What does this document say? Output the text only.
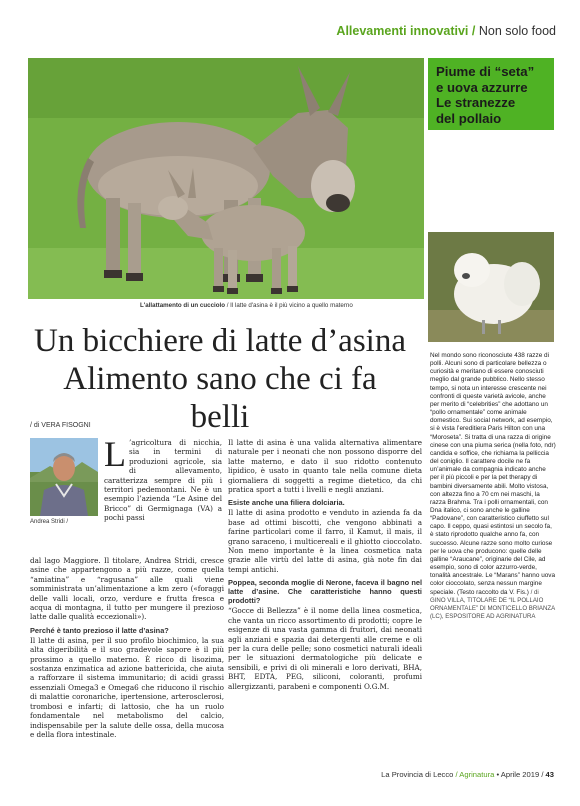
Allevamenti innovativi / Non solo food
L'allattamento di un cucciolo / Il latte d'asina è il più vicino a quello materno
Un bicchiere di latte d’asina
Alimento sano che ci fa belli
/ di VERA FISOGNI
Andrea Stridi /
L ’agricoltura di nicchia, sia in termini di produzioni agricole, sia di allevamento, caratterizza sempre di più i territori pedemontani. Ne è un esempio l’azienda “Le Asine del Bricco” di Germignaga (VA) a pochi passi

dal lago Maggiore. Il titolare, Andrea Stridi, cresce asine che appartengono a più razze, come quella “amiatina” e “ragusana” alle quali viene somministrata un’alimentazione a km zero («foraggi delle valli locali, orzo, verdure e frutta fresca e acqua di montagna, il tutto per mungere il prezioso latte dalle qualità eccezionali»).

Perché è tanto prezioso il latte d’asina?

Il latte di asina, per il suo profilo biochimico, la sua alta digeribilità e il suo gradevole sapore è il più prossimo a quello materno. È ricco di lisozima, sostanza enzimatica ad azione battericida, che aiuta a rafforzare il sistema immunitario; di acidi grassi essenziali Omega3 e Omega6 che riducono il rischio di malattie coronariche, ipertensione, arterosclerosi, trombosi e infarti; di lattosio, che ha un ruolo fondamentale nel metabolismo del calcio, indispensabile per la salute delle ossa, della mucosa e della flora intestinale.

Il latte di asina è una valida alternativa alimentare naturale per i neonati che non possono disporre del latte materno, e dato il suo ridotto contenuto lipidico, è usato in quanto tale nella comune dieta giornaliera di soggetti a regime dietetico, da chi pratica sport a tutti i livelli e negli anziani.

Esiste anche una filiera dolciaria.

Il latte di asina prodotto e venduto in azienda fa da base ad ottimi biscotti, che vengono abbinati a farine particolari come il farro, il Kamut, il mais, il grano saraceno, i multicereali e il ghiotto cioccolato. Non meno importante è la linea cosmetica nata grazie alle virtù del latte di asina, già note fin dai tempi antichi.

Poppea, seconda moglie di Nerone, faceva il bagno nel latte d’asine. Che caratteristiche hanno questi prodotti?

“Gocce di Bellezza” è il nome della linea cosmetica, che vanta un ricco assortimento di prodotti; copre le esigenze di una vasta gamma di fruitori, dai neonati agli anziani e spazia dai detergenti alle creme e oli per la cura delle pelle; sono cosmetici naturali ideali per le situazioni dermatologiche più delicate e sensibili, e privi di oli minerali e loro derivati, BHA, BHT, EDTA, PEG, siliconi, coloranti, profumi allergizzanti, parabeni e componenti O.G.M.

Piume di “seta”
e uova azzurre
Le stranezze
del pollaio
Nel mondo sono riconosciute 438 razze di polli. Alcuni sono di particolare bellezza o curiosità e meritano di essere conosciuti meglio dal grande pubblico. Nello stesso tempo, si nota un interesse crescente nei confronti di queste varietà avicole, anche per merito di “celebrities” che adottano un “pollo ornamentale” come animale domestico. Sui social network, ad esempio, si è vista l’ereditiera Paris Hilton con una “Moroseta”. Si tratta di una razza di origine cinese con una piuma serica (nella foto, ndr) candida e soffice, che richiama la pelliccia del coniglio. Il carattere docile ne fa un’animale da compagnia indicato anche per il più piccoli e per la pet therapy di bambini diversamente abili. Molto vistosa, con altezza fino a 70 cm nei maschi, la razza Brahma. Tra i polli ornamentali, con Dna italico, ci sono anche le galline “Padovane”, con caratteristico ciuffetto sul capo. Il ceppo, quasi estintosi un secolo fa, è stato riprodotto qualche anno fa, con successo. Alcune razze sono molto curiose per le uova che producono: quelle delle galline “Araucane”, originarie del Cile, ad esempio, sono di color azzurro-verde, tonalità ancestrale. Le “Marans” hanno uova color cioccolato, senza nessun margine speciale. (Testo raccolto da V. Fis.) / di GINO VILLA, TITOLARE DE “IL POLLAIO ORNAMENTALE” DI MONTICELLO BRIANZA (LC), ESPOSITORE AD AGRINATURA
La Provincia di Lecco / Agrinatura • Aprile 2019 / 43
